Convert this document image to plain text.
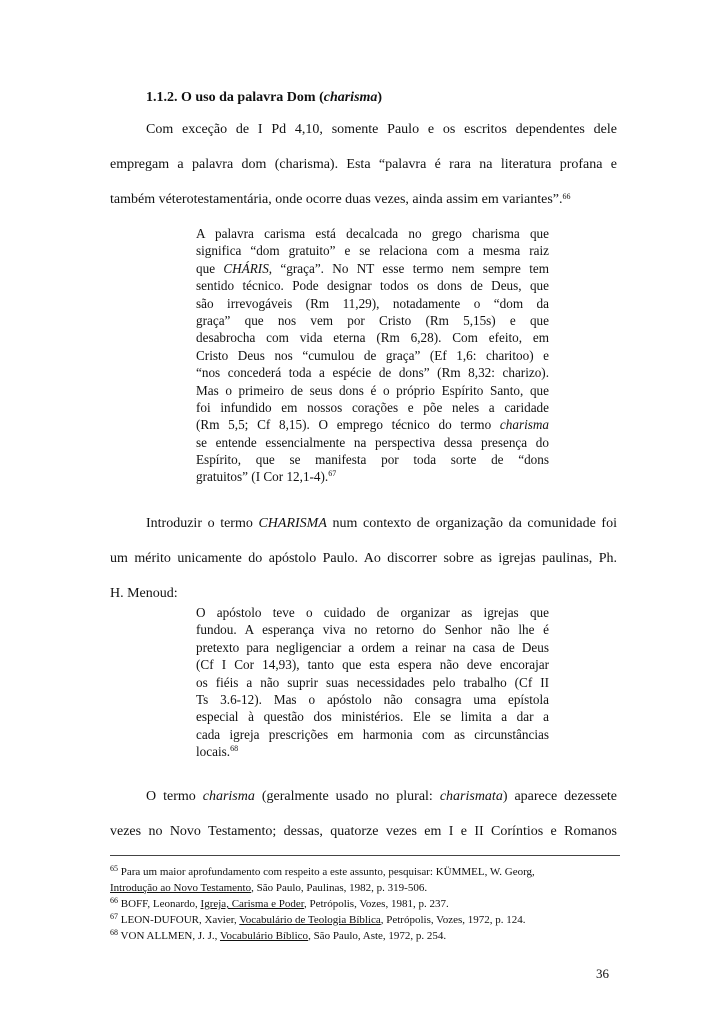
1.1.2. O uso da palavra Dom (charisma)
Com exceção de I Pd 4,10, somente Paulo e os escritos dependentes dele
empregam a palavra dom (charisma). Esta “palavra é rara na literatura profana e
também véterotestamentária, onde ocorre duas vezes, ainda assim em variantes”.$^{66}$
A palavra carisma está decalcada no grego charisma que
significa “dom gratuito” e se relaciona com a mesma raiz
que CHÁRIS, “graça”. No NT esse termo nem sempre tem
sentido técnico. Pode designar todos os dons de Deus, que
são irrevogáveis (Rm 11,29), notadamente o “dom da
graça” que nos vem por Cristo (Rm 5,15s) e que
desabrocha com vida eterna (Rm 6,28). Com efeito, em
Cristo Deus nos “cumulou de graça” (Ef 1,6: charitoo) e
“nos concederá toda a espécie de dons” (Rm 8,32: charizo).
Mas o primeiro de seus dons é o próprio Espírito Santo, que
foi infundido em nossos corações e põe neles a caridade
(Rm 5,5; Cf 8,15). O emprego técnico do termo charisma
se entende essencialmente na perspectiva dessa presença do
Espírito, que se manifesta por toda sorte de “dons
gratuitos” (I Cor 12,1-4).$^{67}$
Introduzir o termo CHARISMA num contexto de organização da comunidade foi
um mérito unicamente do apóstolo Paulo. Ao discorrer sobre as igrejas paulinas, Ph.
H. Menoud:
O apóstolo teve o cuidado de organizar as igrejas que
fundou. A esperança viva no retorno do Senhor não lhe é
pretexto para negligenciar a ordem a reinar na casa de Deus
(Cf I Cor 14,93), tanto que esta espera não deve encorajar
os fiéis a não suprir suas necessidades pelo trabalho (Cf II
Ts 3.6-12). Mas o apóstolo não consagra uma epístola
especial à questão dos ministérios. Ele se limita a dar a
cada igreja prescrições em harmonia com as circunstâncias
locais.$^{68}$
O termo charisma (geralmente usado no plural: charismata) aparece dezessete
vezes no Novo Testamento; dessas, quatorze vezes em I e II Coríntios e Romanos
$^{65}$ Para um maior aprofundamento com respeito a este assunto, pesquisar: KÜMMEL, W. Georg,
Introdução ao Novo Testamento, São Paulo, Paulinas, 1982, p. 319-506.
$^{66}$ BOFF, Leonardo, Igreja, Carisma e Poder, Petrópolis, Vozes, 1981, p. 237.
$^{67}$ LEON-DUFOUR, Xavier, Vocabulário de Teologia Bíblica, Petrópolis, Vozes, 1972, p. 124.
$^{68}$ VON ALLMEN, J. J., Vocabulário Bíblico, São Paulo, Aste, 1972, p. 254.
36
